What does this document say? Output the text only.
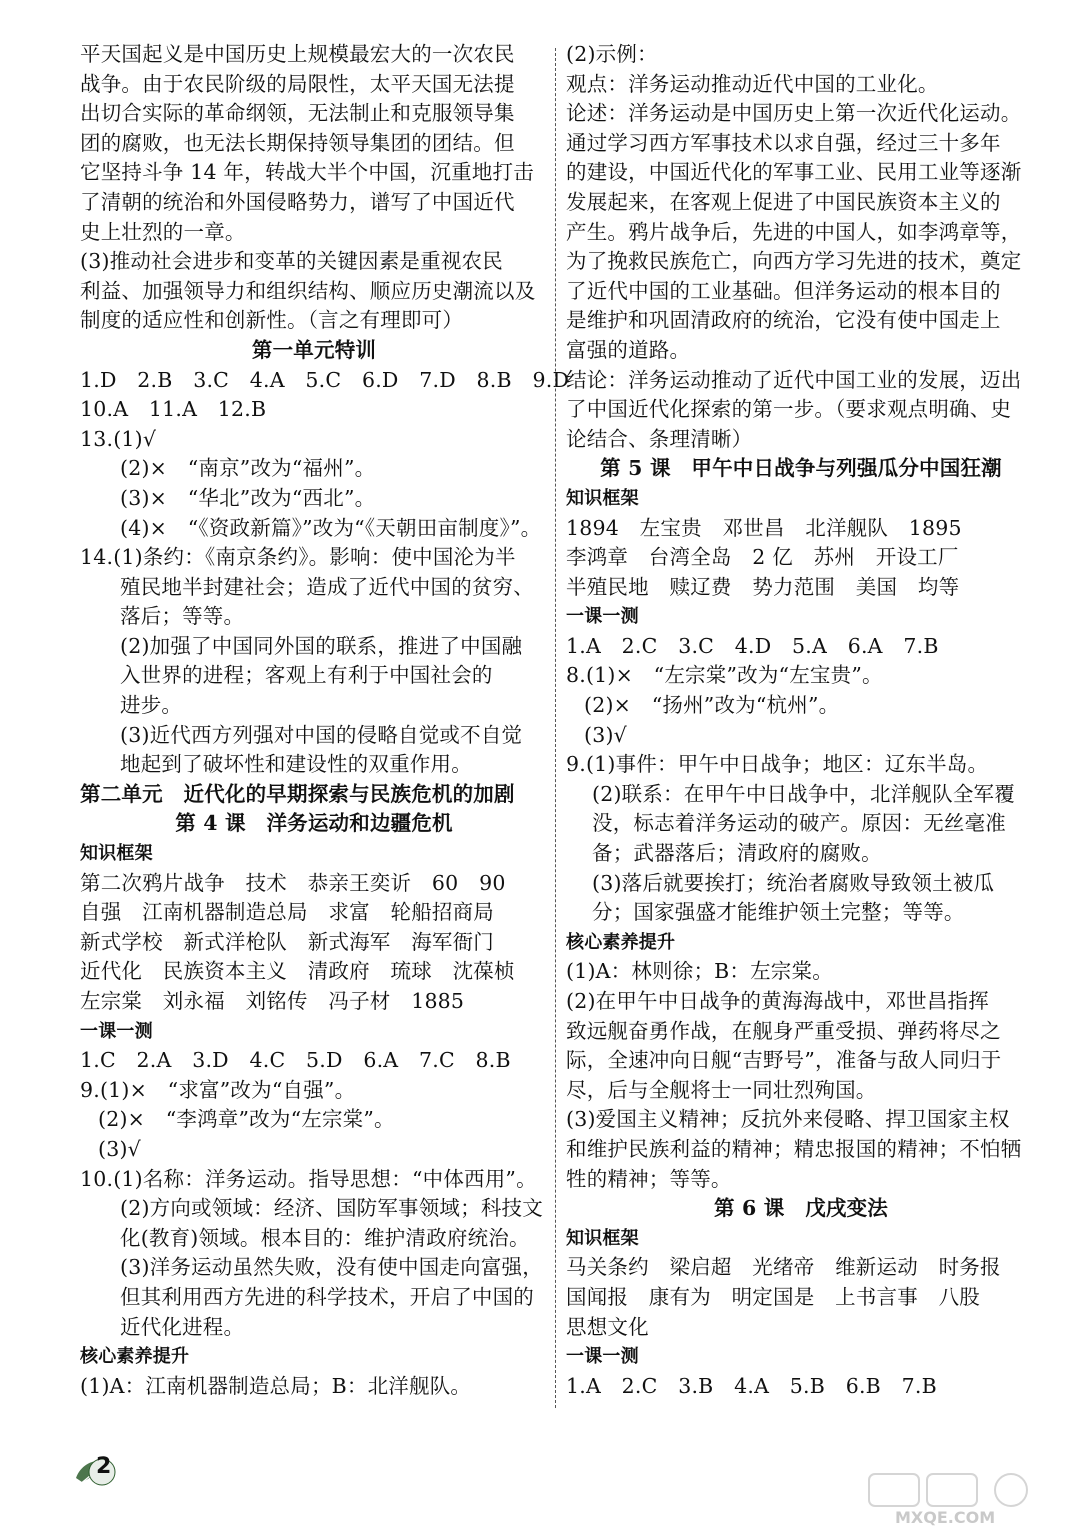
平天国起义是中国历史上规模最宏大的一次农民
战争。由于农民阶级的局限性，太平天国无法提
出切合实际的革命纲领，无法制止和克服领导集
团的腐败，也无法长期保持领导集团的团结。但
它坚持斗争 14 年，转战大半个中国，沉重地打击
了清朝的统治和外国侵略势力，谱写了中国近代
史上壮烈的一章。
(3)推动社会进步和变革的关键因素是重视农民
利益、加强领导力和组织结构、顺应历史潮流以及
制度的适应性和创新性。（言之有理即可）
第一单元特训
1.D　2.B　3.C　4.A　5.C　6.D　7.D　8.B　9.D
10.A　11.A　12.B
13.(1)√
(2)×　“南京”改为“福州”。
(3)×　“华北”改为“西北”。
(4)×　“《资政新篇》”改为“《天朝田亩制度》”。
14.(1)条约：《南京条约》。影响：使中国沦为半
殖民地半封建社会；造成了近代中国的贫穷、
落后；等等。
(2)加强了中国同外国的联系，推进了中国融
入世界的进程；客观上有利于中国社会的
进步。
(3)近代西方列强对中国的侵略自觉或不自觉
地起到了破坏性和建设性的双重作用。
第二单元　近代化的早期探索与民族危机的加剧
第 4 课　洋务运动和边疆危机
知识框架
第二次鸦片战争　技术　恭亲王奕䜣　60　90
自强　江南机器制造总局　求富　轮船招商局
新式学校　新式洋枪队　新式海军　海军衙门
近代化　民族资本主义　清政府　琉球　沈葆桢
左宗棠　刘永福　刘铭传　冯子材　1885
一课一测
1.C　2.A　3.D　4.C　5.D　6.A　7.C　8.B
9.(1)×　“求富”改为“自强”。
(2)×　“李鸿章”改为“左宗棠”。
(3)√
10.(1)名称：洋务运动。指导思想：“中体西用”。
(2)方向或领域：经济、国防军事领域；科技文
化(教育)领域。根本目的：维护清政府统治。
(3)洋务运动虽然失败，没有使中国走向富强，
但其利用西方先进的科学技术，开启了中国的
近代化进程。
核心素养提升
(1)A：江南机器制造总局；B：北洋舰队。
(2)示例：
观点：洋务运动推动近代中国的工业化。
论述：洋务运动是中国历史上第一次近代化运动。
通过学习西方军事技术以求自强，经过三十多年
的建设，中国近代化的军事工业、民用工业等逐渐
发展起来，在客观上促进了中国民族资本主义的
产生。鸦片战争后，先进的中国人，如李鸿章等，
为了挽救民族危亡，向西方学习先进的技术，奠定
了近代中国的工业基础。但洋务运动的根本目的
是维护和巩固清政府的统治，它没有使中国走上
富强的道路。
结论：洋务运动推动了近代中国工业的发展，迈出
了中国近代化探索的第一步。（要求观点明确、史
论结合、条理清晰）
第 5 课　甲午中日战争与列强瓜分中国狂潮
知识框架
1894　左宝贵　邓世昌　北洋舰队　1895
李鸿章　台湾全岛　2 亿　苏州　开设工厂
半殖民地　赎辽费　势力范围　美国　均等
一课一测
1.A　2.C　3.C　4.D　5.A　6.A　7.B
8.(1)×　“左宗棠”改为“左宝贵”。
(2)×　“扬州”改为“杭州”。
(3)√
9.(1)事件：甲午中日战争；地区：辽东半岛。
(2)联系：在甲午中日战争中，北洋舰队全军覆
没，标志着洋务运动的破产。原因：无丝毫准
备；武器落后；清政府的腐败。
(3)落后就要挨打；统治者腐败导致领土被瓜
分；国家强盛才能维护领土完整；等等。
核心素养提升
(1)A：林则徐；B：左宗棠。
(2)在甲午中日战争的黄海海战中，邓世昌指挥
致远舰奋勇作战，在舰身严重受损、弹药将尽之
际，全速冲向日舰“吉野号”，准备与敌人同归于
尽，后与全舰将士一同壮烈殉国。
(3)爱国主义精神；反抗外来侵略、捍卫国家主权
和维护民族利益的精神；精忠报国的精神；不怕牺
牲的精神；等等。
第 6 课　戊戌变法
知识框架
马关条约　梁启超　光绪帝　维新运动　时务报
国闻报　康有为　明定国是　上书言事　八股
思想文化
一课一测
1.A　2.C　3.B　4.A　5.B　6.B　7.B
2
MXQE.COM
